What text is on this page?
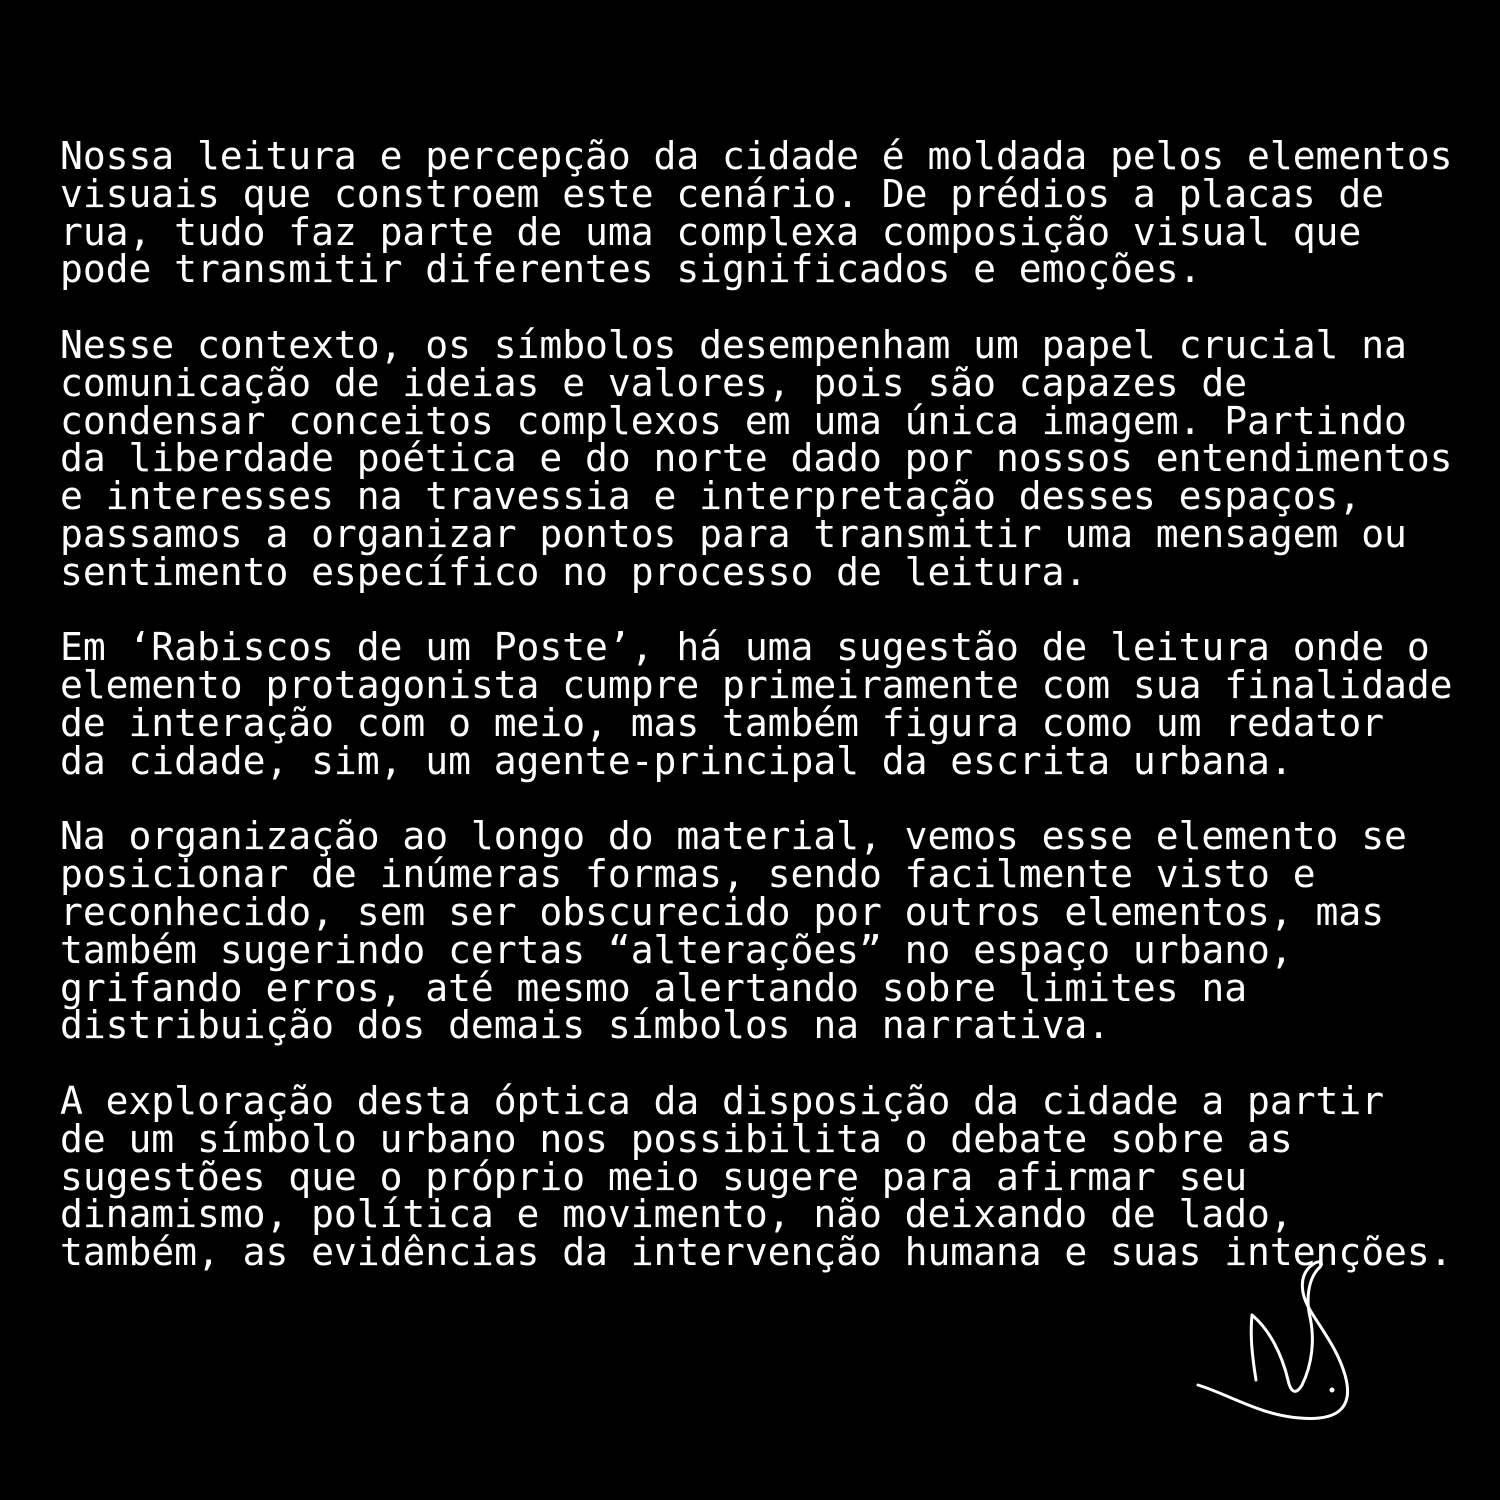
Nossa leitura e percepção da cidade é moldada pelos elementos
visuais que constroem este cenário. De prédios a placas de
rua, tudo faz parte de uma complexa composição visual que
pode transmitir diferentes significados e emoções.
Nesse contexto, os símbolos desempenham um papel crucial na
comunicação de ideias e valores, pois são capazes de
condensar conceitos complexos em uma única imagem. Partindo
da liberdade poética e do norte dado por nossos entendimentos
e interesses na travessia e interpretação desses espaços,
passamos a organizar pontos para transmitir uma mensagem ou
sentimento específico no processo de leitura.
Em ‘Rabiscos de um Poste’, há uma sugestão de leitura onde o
elemento protagonista cumpre primeiramente com sua finalidade
de interação com o meio, mas também figura como um redator
da cidade, sim, um agente-principal da escrita urbana.
Na organização ao longo do material, vemos esse elemento se
posicionar de inúmeras formas, sendo facilmente visto e
reconhecido, sem ser obscurecido por outros elementos, mas
também sugerindo certas “alterações” no espaço urbano,
grifando erros, até mesmo alertando sobre limites na
distribuição dos demais símbolos na narrativa.
A exploração desta óptica da disposição da cidade a partir
de um símbolo urbano nos possibilita o debate sobre as
sugestões que o próprio meio sugere para afirmar seu
dinamismo, política e movimento, não deixando de lado,
também, as evidências da intervenção humana e suas intenções.
